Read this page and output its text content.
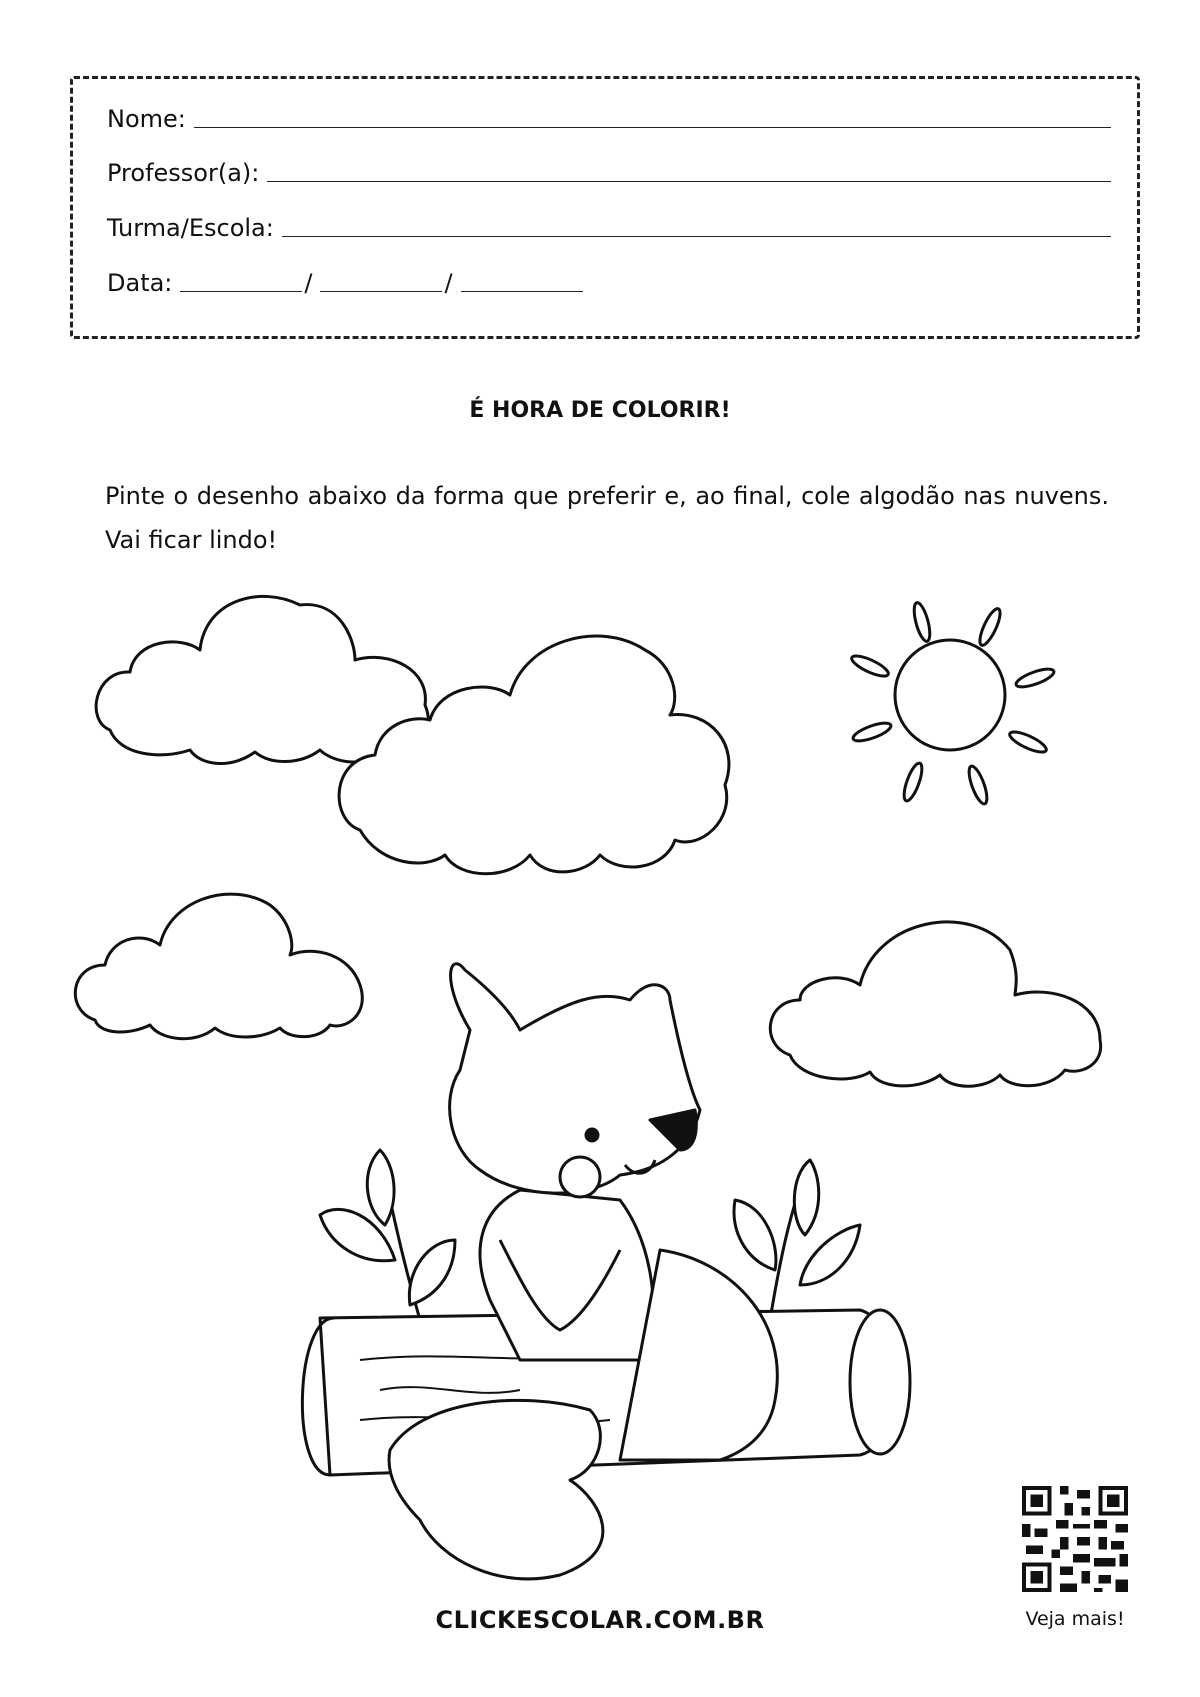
Nome:
Professor(a):
Turma/Escola:
Data:	/	/
É HORA DE COLORIR!
Pinte o desenho abaixo da forma que preferir e, ao final, cole algodão nas nuvens. Vai ficar lindo!
CLICKESCOLAR.COM.BR	Veja mais!
